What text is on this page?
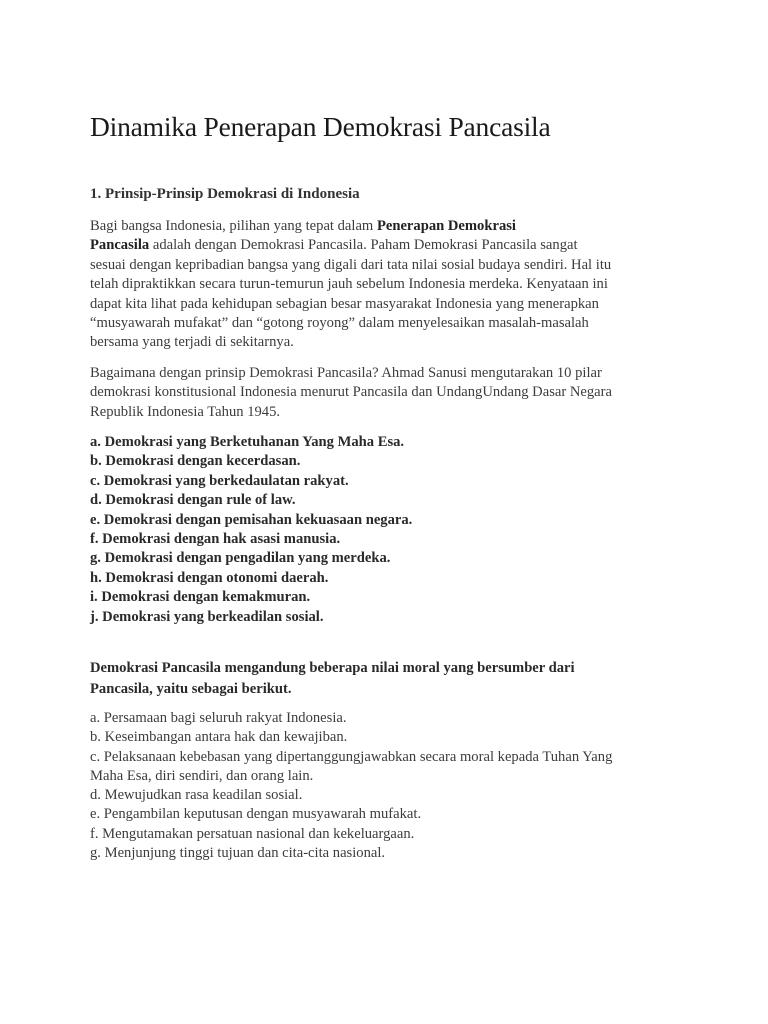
Dinamika Penerapan Demokrasi Pancasila
1. Prinsip-Prinsip Demokrasi di Indonesia

Bagi bangsa Indonesia, pilihan yang tepat dalam Penerapan Demokrasi
Pancasila adalah dengan Demokrasi Pancasila. Paham Demokrasi Pancasila sangat
sesuai dengan kepribadian bangsa yang digali dari tata nilai sosial budaya sendiri. Hal itu
telah dipraktikkan secara turun-temurun jauh sebelum Indonesia merdeka. Kenyataan ini
dapat kita lihat pada kehidupan sebagian besar masyarakat Indonesia yang menerapkan
“musyawarah mufakat” dan “gotong royong” dalam menyelesaikan masalah-masalah
bersama yang terjadi di sekitarnya.

Bagaimana dengan prinsip Demokrasi Pancasila? Ahmad Sanusi mengutarakan 10 pilar
demokrasi konstitusional Indonesia menurut Pancasila dan UndangUndang Dasar Negara
Republik Indonesia Tahun 1945.

a. Demokrasi yang Berketuhanan Yang Maha Esa.
b. Demokrasi dengan kecerdasan.
c. Demokrasi yang berkedaulatan rakyat.
d. Demokrasi dengan rule of law.
e. Demokrasi dengan pemisahan kekuasaan negara.
f. Demokrasi dengan hak asasi manusia.
g. Demokrasi dengan pengadilan yang merdeka.
h. Demokrasi dengan otonomi daerah.
i. Demokrasi dengan kemakmuran.
j. Demokrasi yang berkeadilan sosial.

Demokrasi Pancasila mengandung beberapa nilai moral yang bersumber dari
Pancasila, yaitu sebagai berikut.

a. Persamaan bagi seluruh rakyat Indonesia.
b. Keseimbangan antara hak dan kewajiban.
c. Pelaksanaan kebebasan yang dipertanggungjawabkan secara moral kepada Tuhan Yang
Maha Esa, diri sendiri, dan orang lain.
d. Mewujudkan rasa keadilan sosial.
e. Pengambilan keputusan dengan musyawarah mufakat.
f. Mengutamakan persatuan nasional dan kekeluargaan.
g. Menjunjung tinggi tujuan dan cita-cita nasional.
